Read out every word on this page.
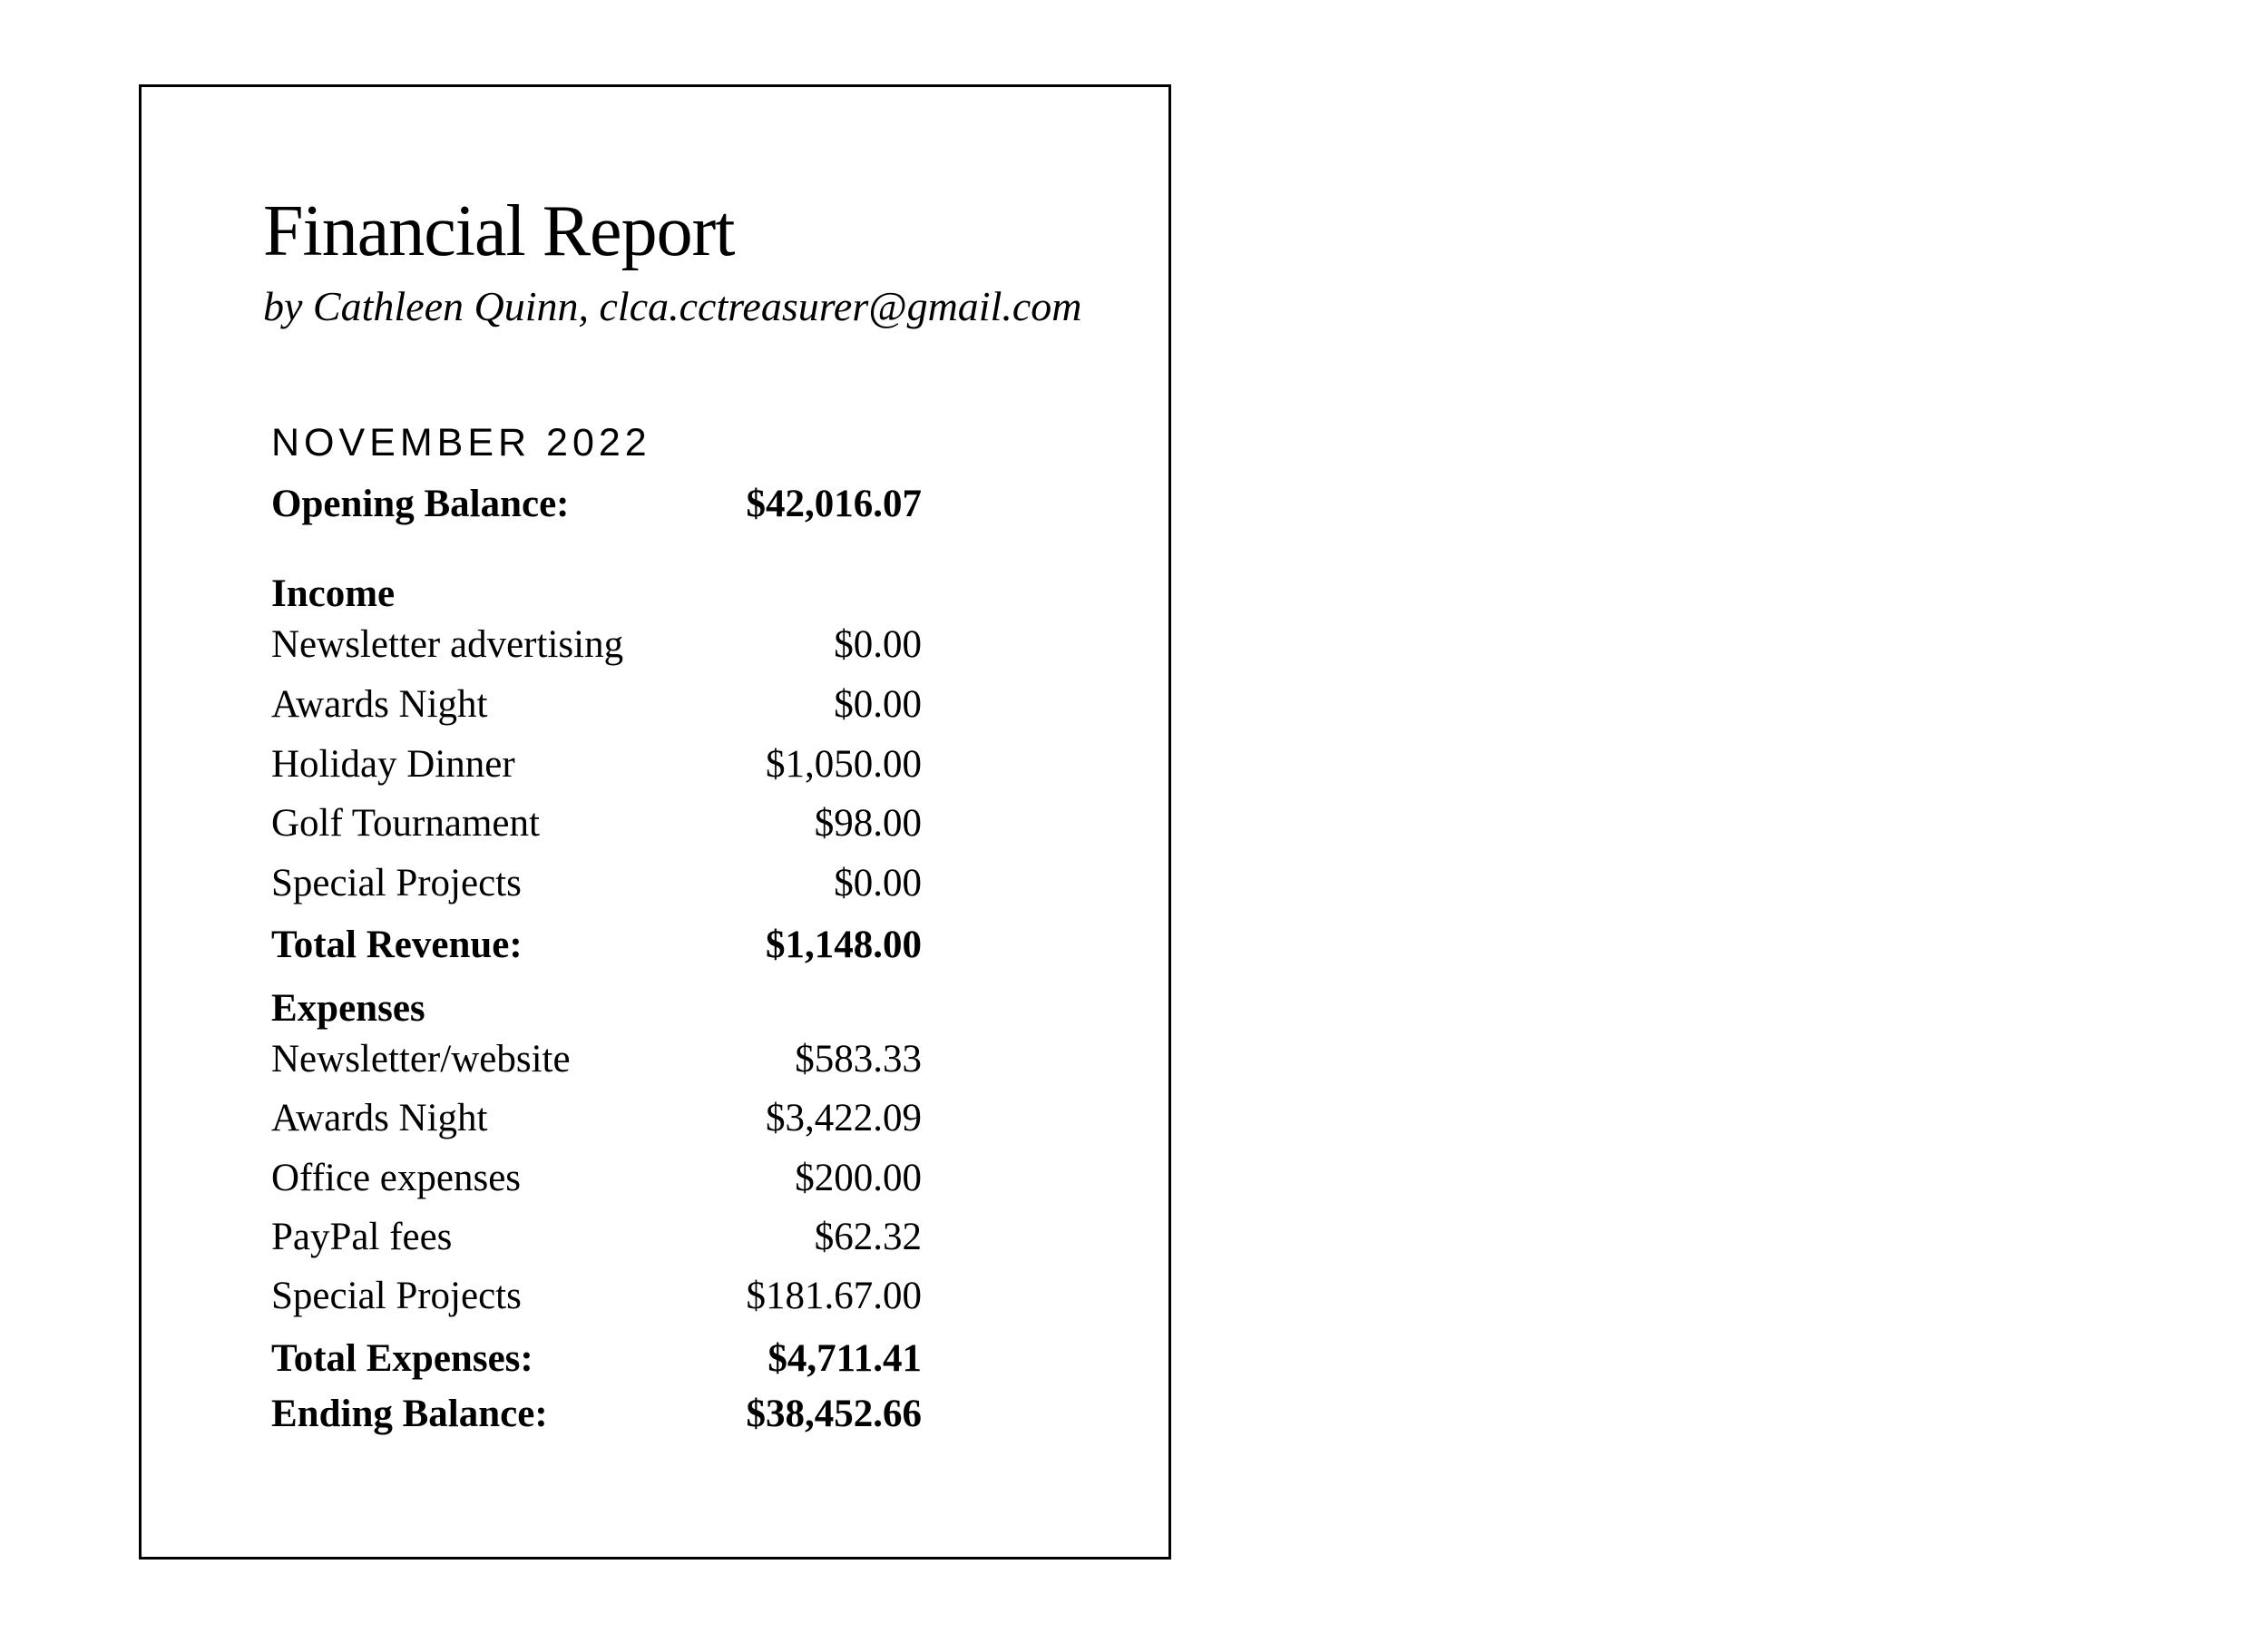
Financial Report
by Cathleen Quinn, clca.cctreasurer@gmail.com
NOVEMBER 2022
Opening Balance:	$42,016.07
Income
Newsletter advertising	$0.00
Awards Night	$0.00
Holiday Dinner	$1,050.00
Golf Tournament	$98.00
Special Projects	$0.00
Total Revenue:	$1,148.00
Expenses
Newsletter/website	$583.33
Awards Night	$3,422.09
Office expenses	$200.00
PayPal fees	$62.32
Special Projects	$181.67.00
Total Expenses:	$4,711.41
Ending Balance:	$38,452.66
